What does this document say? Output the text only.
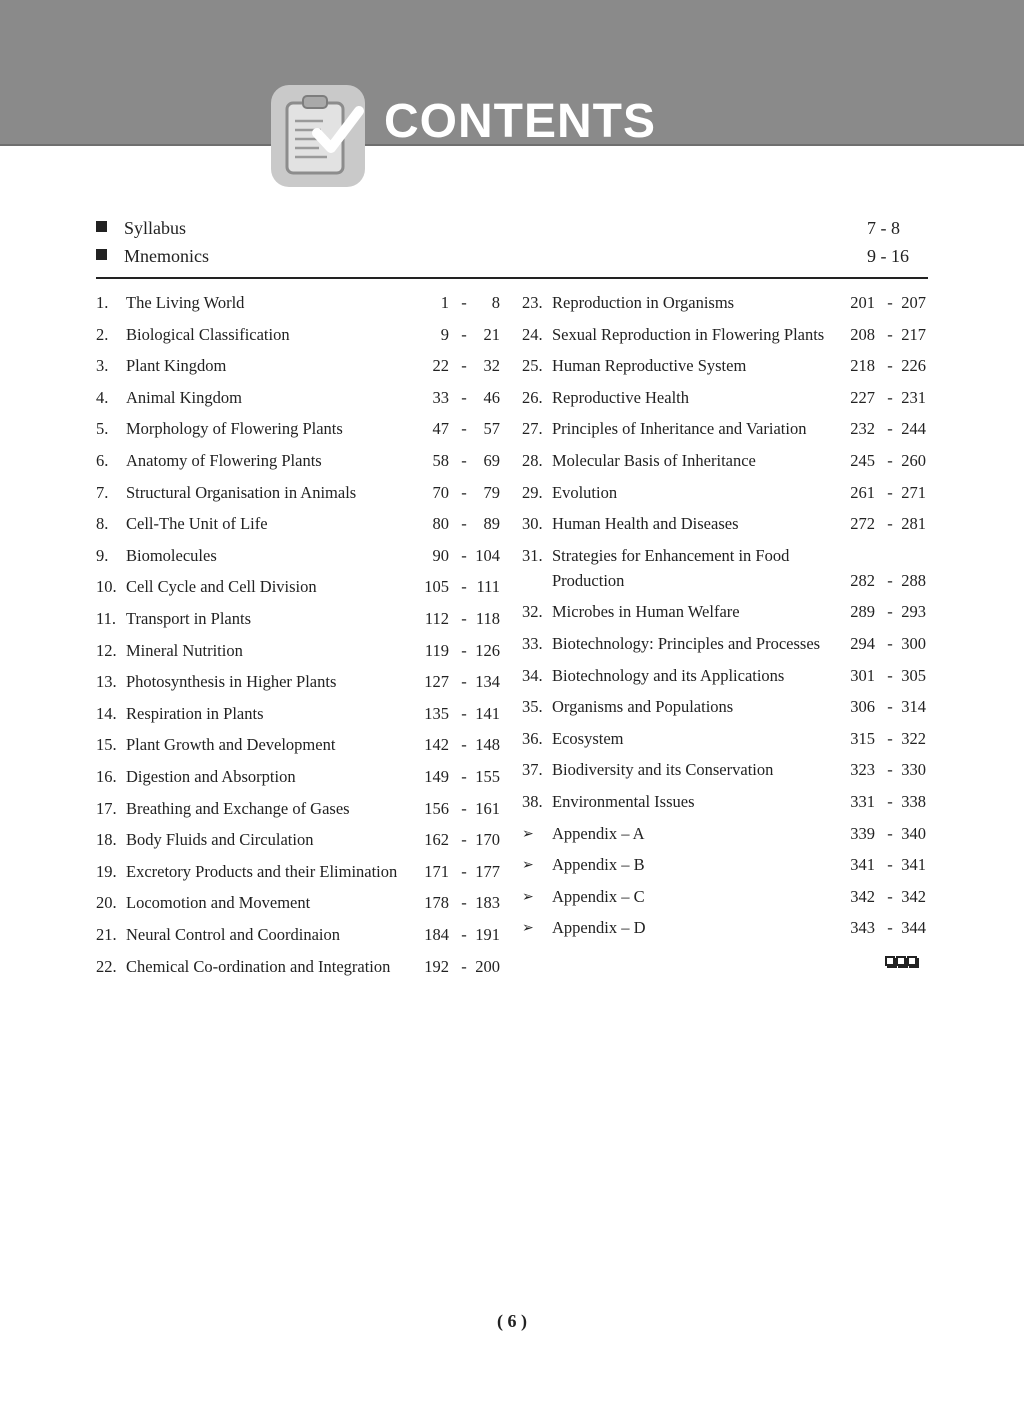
CONTENTS
Syllabus	7 - 8
Mnemonics	9 - 16
1. The Living World	1 -	8
2. Biological Classification	9 -	21
3. Plant Kingdom	22 -	32
4. Animal Kingdom	33 -	46
5. Morphology of Flowering Plants	47 -	57
6. Anatomy of Flowering Plants	58 -	69
7. Structural Organisation in Animals	70 -	79
8. Cell-The Unit of Life	80 -	89
9. Biomolecules	90 - 104
10. Cell Cycle and Cell Division	105 - 111
11. Transport in Plants	112 - 118
12. Mineral Nutrition	119 - 126
13. Photosynthesis in Higher Plants	127 - 134
14. Respiration in Plants	135 - 141
15. Plant Growth and Development	142 - 148
16. Digestion and Absorption	149 - 155
17. Breathing and Exchange of Gases	156 - 161
18. Body Fluids and Circulation	162 - 170
19. Excretory Products and their Elimination	171 - 177
20. Locomotion and Movement	178 - 183
21. Neural Control and Coordinaion	184 - 191
22. Chemical Co-ordination and Integration	192 - 200
23. Reproduction in Organisms	201 - 207
24. Sexual Reproduction in Flowering Plants	208 - 217
25. Human Reproductive System	218 - 226
26. Reproductive Health	227 - 231
27. Principles of Inheritance and Variation	232 - 244
28. Molecular Basis of Inheritance	245 - 260
29. Evolution	261 - 271
30. Human Health and Diseases	272 - 281
31. Strategies for Enhancement in Food
Production	282 - 288
32. Microbes in Human Welfare	289 - 293
33. Biotechnology: Principles and Processes	294 - 300
34. Biotechnology and its Applications	301 - 305
35. Organisms and Populations	306 - 314
36. Ecosystem	315 - 322
37. Biodiversity and its Conservation	323 - 330
38. Environmental Issues	331 - 338
➢ Appendix – A	339 - 340
➢ Appendix – B	341 - 341
➢ Appendix – C	342 - 342
➢ Appendix – D	343 - 344
( 6 )
